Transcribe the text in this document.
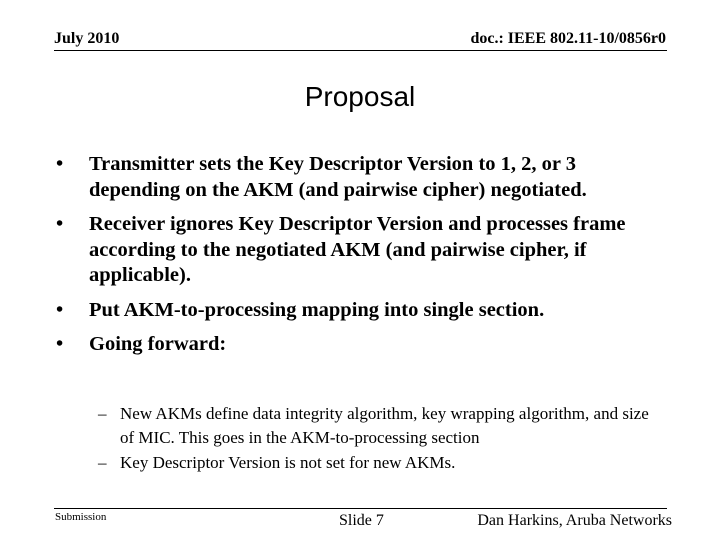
July 2010	doc.: IEEE 802.11-10/0856r0
Proposal
•	Transmitter sets the Key Descriptor Version to 1, 2, or 3 depending on the AKM (and pairwise cipher) negotiated.
•	Receiver ignores Key Descriptor Version and processes frame according to the negotiated AKM (and pairwise cipher, if applicable).
•	Put AKM-to-processing mapping into single section.
•	Going forward:
– New AKMs define data integrity algorithm, key wrapping algorithm, and size of MIC. This goes in the AKM-to-processing section
– Key Descriptor Version is not set for new AKMs.
Submission	Slide 7	Dan Harkins, Aruba Networks
